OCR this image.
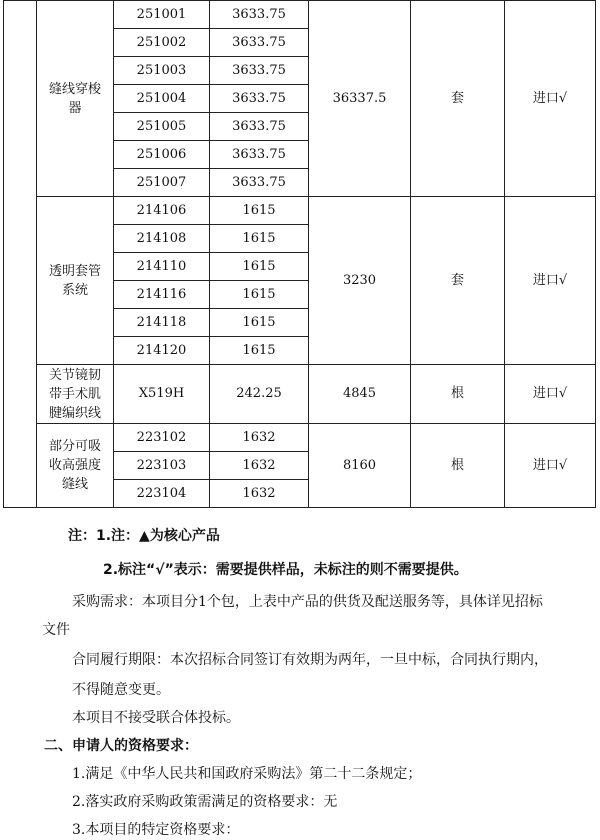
	缝线穿梭
器	251001	3633.75	36337.5	套	进口√
		251002	3633.75			
		251003	3633.75			
		251004	3633.75			
		251005	3633.75			
		251006	3633.75			
		251007	3633.75			

	透明套管
系统	214106	1615	3230	套	进口√
		214108	1615			
		214110	1615			
		214116	1615			
		214118	1615			
		214120	1615			

	关节镜韧
带手术肌
腱编织线	X519H	242.25	4845	根	进口√

	部分可吸
收高强度
缝线	223102	1632	8160	根	进口√
		223103	1632			
		223104	1632			
注：1.注：▲为核心产品
2.标注“√”表示：需要提供样品，未标注的则不需要提供。
采购需求：本项目分1个包，上表中产品的供货及配送服务等，具体详见招标
文件
合同履行期限：本次招标合同签订有效期为两年，一旦中标，合同执行期内，
不得随意变更。
本项目不接受联合体投标。
二、申请人的资格要求：
1.满足《中华人民共和国政府采购法》第二十二条规定；
2.落实政府采购政策需满足的资格要求：无
3.本项目的特定资格要求：
